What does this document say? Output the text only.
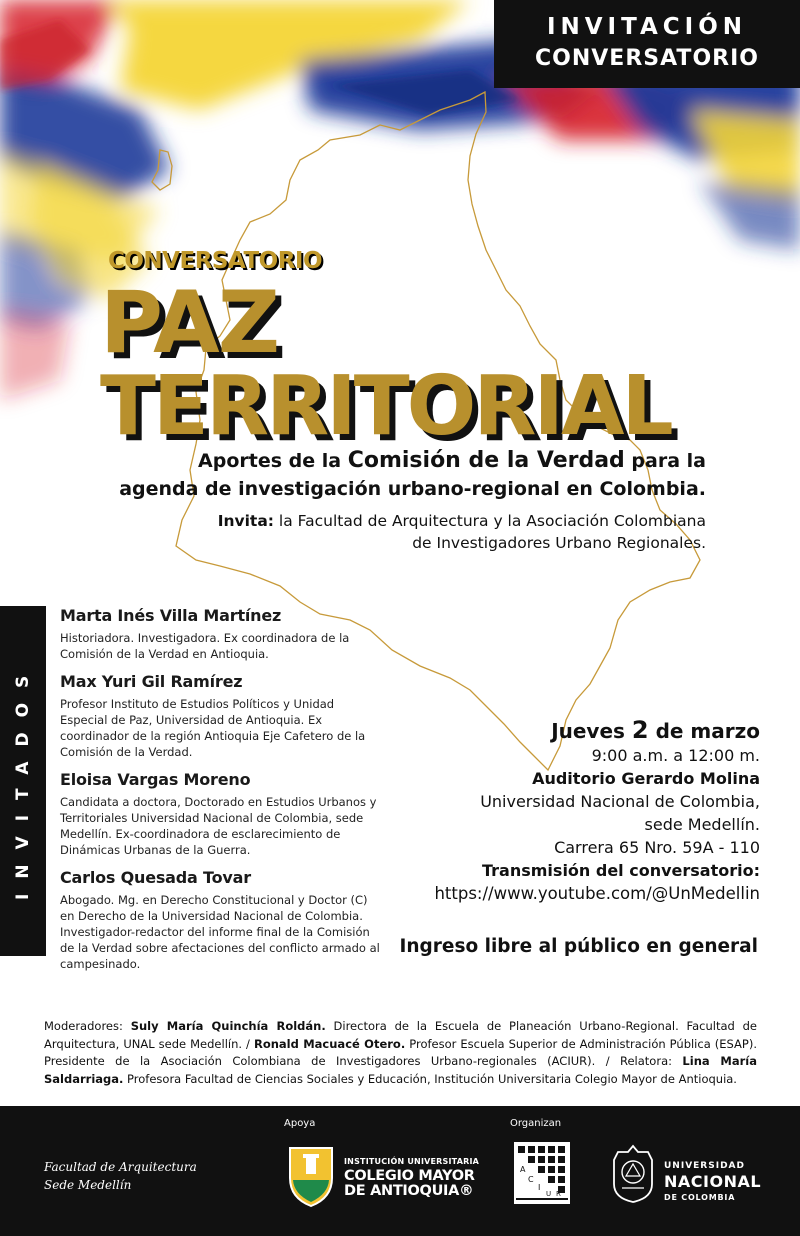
INVITACIÓN
CONVERSATORIO
CONVERSATORIO
PAZ
TERRITORIAL
Aportes de la Comisión de la Verdad para la
agenda de investigación urbano-regional en Colombia.
Invita: la Facultad de Arquitectura y la Asociación Colombiana
de Investigadores Urbano Regionales.
INVITADOS
Marta Inés Villa Martínez
Historiadora. Investigadora. Ex coordinadora de la
Comisión de la Verdad en Antioquia.
Max Yuri Gil Ramírez
Profesor Instituto de Estudios Políticos y Unidad
Especial de Paz, Universidad de Antioquia. Ex
coordinador de la región Antioquia Eje Cafetero de la
Comisión de la Verdad.
Eloisa Vargas Moreno
Candidata a doctora, Doctorado en Estudios Urbanos y
Territoriales Universidad Nacional de Colombia, sede
Medellín. Ex-coordinadora de esclarecimiento de
Dinámicas Urbanas de la Guerra.
Carlos Quesada Tovar
Abogado. Mg. en Derecho Constitucional y Doctor (C)
en Derecho de la Universidad Nacional de Colombia.
Investigador-redactor del informe final de la Comisión
de la Verdad sobre afectaciones del conflicto armado al
campesinado.
Jueves 2 de marzo
9:00 a.m. a 12:00 m.
Auditorio Gerardo Molina
Universidad Nacional de Colombia,
sede Medellín.
Carrera 65 Nro. 59A - 110
Transmisión del conversatorio:
https://www.youtube.com/@UnMedellin
Ingreso libre al público en general
Moderadores: Suly María Quinchía Roldán. Directora de la Escuela de Planeación Urbano-Regional. Facultad de Arquitectura, UNAL sede Medellín. / Ronald Macuacé Otero. Profesor Escuela Superior de Administración Pública (ESAP). Presidente de la Asociación Colombiana de Investigadores Urbano-regionales (ACIUR). / Relatora: Lina María Saldarriaga. Profesora Facultad de Ciencias Sociales y Educación, Institución Universitaria Colegio Mayor de Antioquia.
Facultad de Arquitectura
Sede Medellín
Apoya	Organizan
INSTITUCIÓN UNIVERSITARIA
COLEGIO MAYOR
DE ANTIOQUIA®
A
C
I
U R
UNIVERSIDAD
NACIONAL
DE COLOMBIA
